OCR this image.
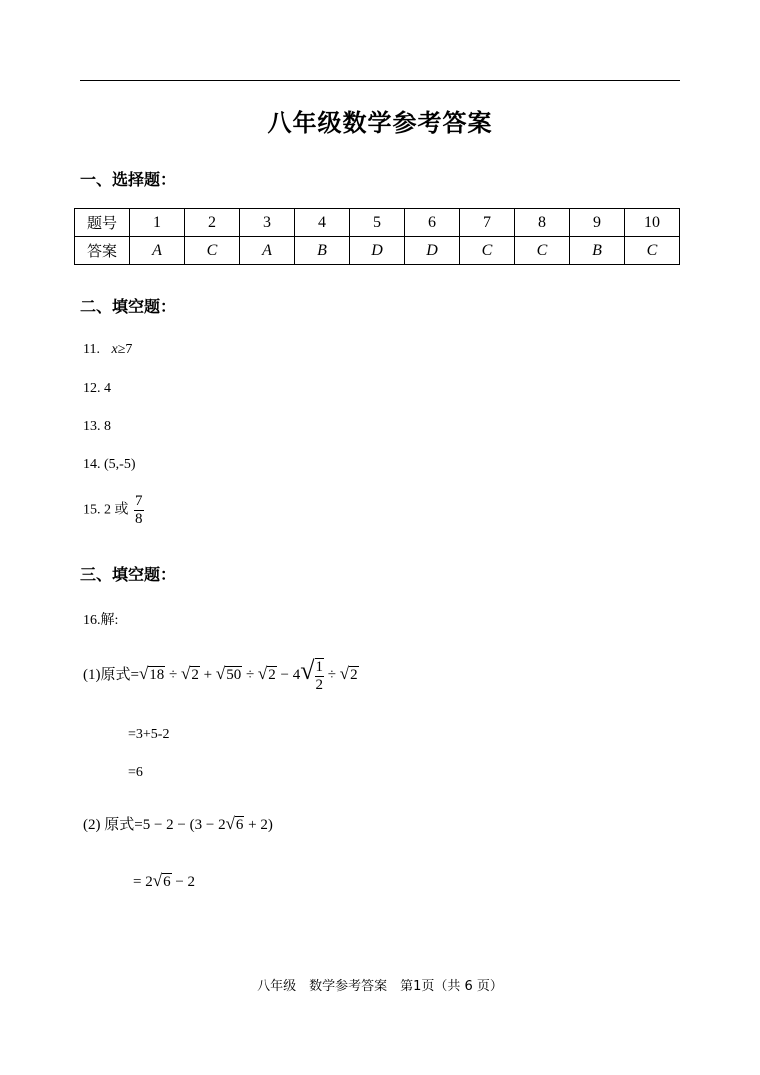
八年级数学参考答案
一、选择题：
题号	1	2	3	4	5	6	7	8	9	10
答案	A	C	A	B	D	D	C	C	B	C
二、填空题：
11. x≥7
12. 4
13. 8
14. (5,-5)
15. 2 或 $\frac{7}{8}$
三、填空题：
16.解:
(1)原式$=√18 \div √2 + √50 \div √2 - 4√ \frac{1}{2} \div √2$
=3+5-2
=6
(2) 原式=5 − 2 − (3 − 2√6 + 2)
= 2√6 − 2
八年级　数学参考答案　第1页（共 6 页）
